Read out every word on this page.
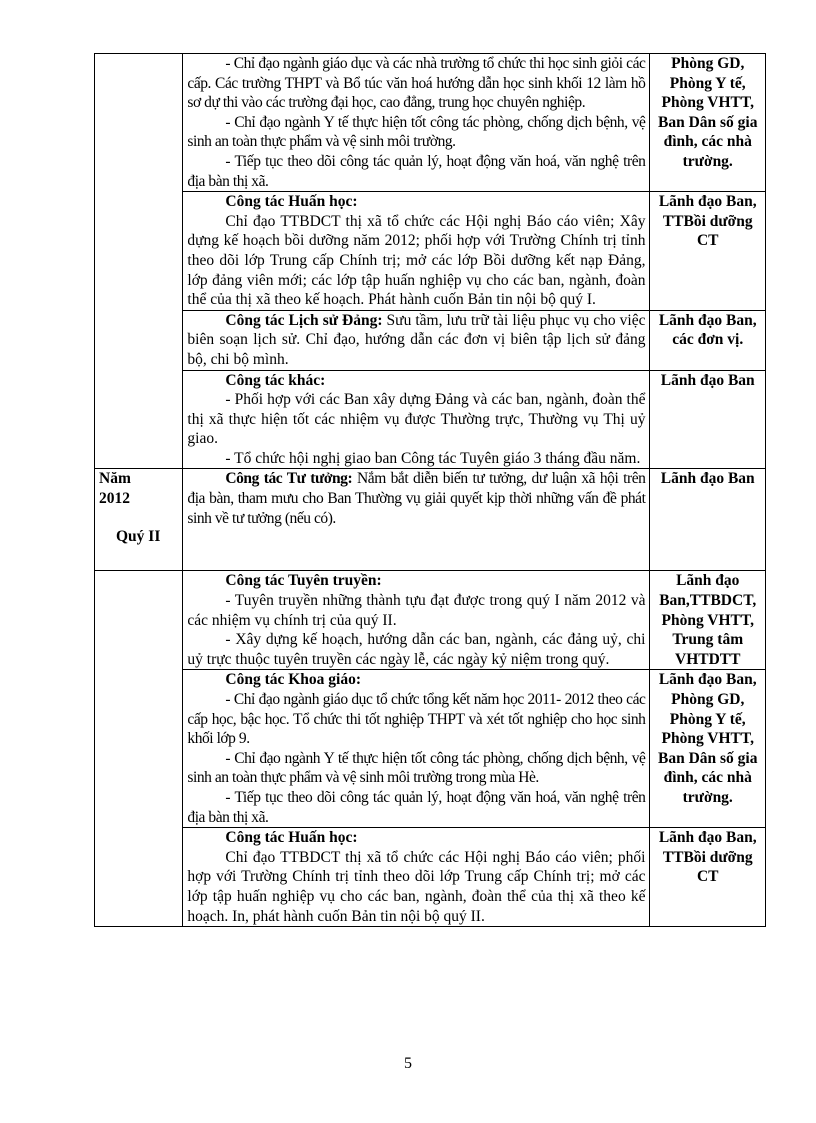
	- Chỉ đạo ngành giáo dục và các nhà trường tổ chức thi học sinh giỏi các cấp. Các trường THPT và Bổ túc văn hoá hướng dẫn học sinh khối 12 làm hồ sơ dự thi vào các trường đại học, cao đẳng, trung học chuyên nghiệp.

- Chỉ đạo ngành Y tế thực hiện tốt công tác phòng, chống dịch bệnh, vệ sinh an toàn thực phẩm và vệ sinh môi trường.

- Tiếp tục theo dõi công tác quản lý, hoạt động văn hoá, văn nghệ trên địa bàn thị xã.	Phòng GD, Phòng Y tế, Phòng VHTT, Ban Dân số gia đình, các nhà trường.

	Công tác Huấn học:

Chỉ đạo TTBDCT thị xã tổ chức các Hội nghị Báo cáo viên; Xây dựng kế hoạch bồi dưỡng năm 2012; phối hợp với Trường Chính trị tỉnh theo dõi lớp Trung cấp Chính trị; mở các lớp Bồi dưỡng kết nạp Đảng, lớp đảng viên mới; các lớp tập huấn nghiệp vụ cho các ban, ngành, đoàn thể của thị xã theo kế hoạch. Phát hành cuốn Bản tin nội bộ quý I.	Lãnh đạo Ban, TTBồi dưỡng CT

	Công tác Lịch sử Đảng: Sưu tầm, lưu trữ tài liệu phục vụ cho việc biên soạn lịch sử. Chỉ đạo, hướng dẫn các đơn vị biên tập lịch sử đảng bộ, chi bộ mình.	Lãnh đạo Ban, các đơn vị.

	Công tác khác:

- Phối hợp với các Ban xây dựng Đảng và các ban, ngành, đoàn thể thị xã thực hiện tốt các nhiệm vụ được Thường trực, Thường vụ Thị uỷ giao.

- Tổ chức hội nghị giao ban Công tác Tuyên giáo 3 tháng đầu năm.	Lãnh đạo Ban

Năm
2012
Quý II	Công tác Tư tưởng: Nắm bắt diễn biến tư tưởng, dư luận xã hội trên địa bàn, tham mưu cho Ban Thường vụ giải quyết kịp thời những vấn đề phát sinh về tư tưởng (nếu có).	Lãnh đạo Ban

	Công tác Tuyên truyền:

- Tuyên truyền những thành tựu đạt được trong quý I năm 2012 và các nhiệm vụ chính trị của quý II.

- Xây dựng kế hoạch, hướng dẫn các ban, ngành, các đảng uỷ, chi uỷ trực thuộc tuyên truyền các ngày lễ, các ngày kỷ niệm trong quý.	Lãnh đạo Ban,TTBDCT, Phòng VHTT, Trung tâm VHTDTT

	Công tác Khoa giáo:

- Chỉ đạo ngành giáo dục tổ chức tổng kết năm học 2011- 2012 theo các cấp học, bậc học. Tổ chức thi tốt nghiệp THPT và xét tốt nghiệp cho học sinh khối lớp 9.

- Chỉ đạo ngành Y tế thực hiện tốt công tác phòng, chống dịch bệnh, vệ sinh an toàn thực phẩm và vệ sinh môi trường trong mùa Hè.

- Tiếp tục theo dõi công tác quản lý, hoạt động văn hoá, văn nghệ trên địa bàn thị xã.	Lãnh đạo Ban, Phòng GD, Phòng Y tế, Phòng VHTT, Ban Dân số gia đình, các nhà trường.

	Công tác Huấn học:

Chỉ đạo TTBDCT thị xã tổ chức các Hội nghị Báo cáo viên; phối hợp với Trường Chính trị tỉnh theo dõi lớp Trung cấp Chính trị; mở các lớp tập huấn nghiệp vụ cho các ban, ngành, đoàn thể của thị xã theo kế hoạch. In, phát hành cuốn Bản tin nội bộ quý II.	Lãnh đạo Ban, TTBồi dưỡng CT
5
